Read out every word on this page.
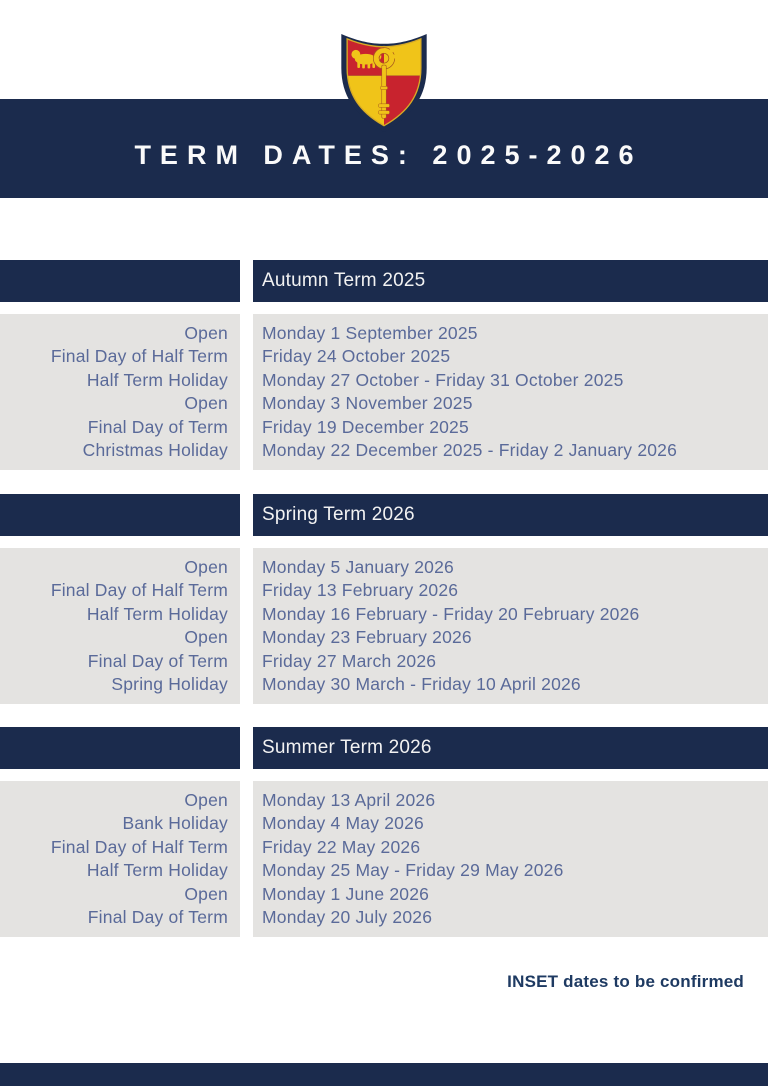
TERM DATES: 2025-2026
Autumn Term 2025
Open
Final Day of Half Term
Half Term Holiday
Open
Final Day of Term
Christmas Holiday
Monday 1 September 2025
Friday 24 October 2025
Monday 27 October - Friday 31 October 2025
Monday 3 November 2025
Friday 19 December 2025
Monday 22 December 2025 - Friday 2 January 2026
Spring Term 2026
Open
Final Day of Half Term
Half Term Holiday
Open
Final Day of Term
Spring Holiday
Monday 5 January 2026
Friday 13 February 2026
Monday 16 February - Friday 20 February 2026
Monday 23 February 2026
Friday 27 March 2026
Monday 30 March - Friday 10 April 2026
Summer Term 2026
Open
Bank Holiday
Final Day of Half Term
Half Term Holiday
Open
Final Day of Term
Monday 13 April 2026
Monday 4 May 2026
Friday 22 May 2026
Monday 25 May - Friday 29 May 2026
Monday 1 June 2026
Monday 20 July 2026
INSET dates to be confirmed
